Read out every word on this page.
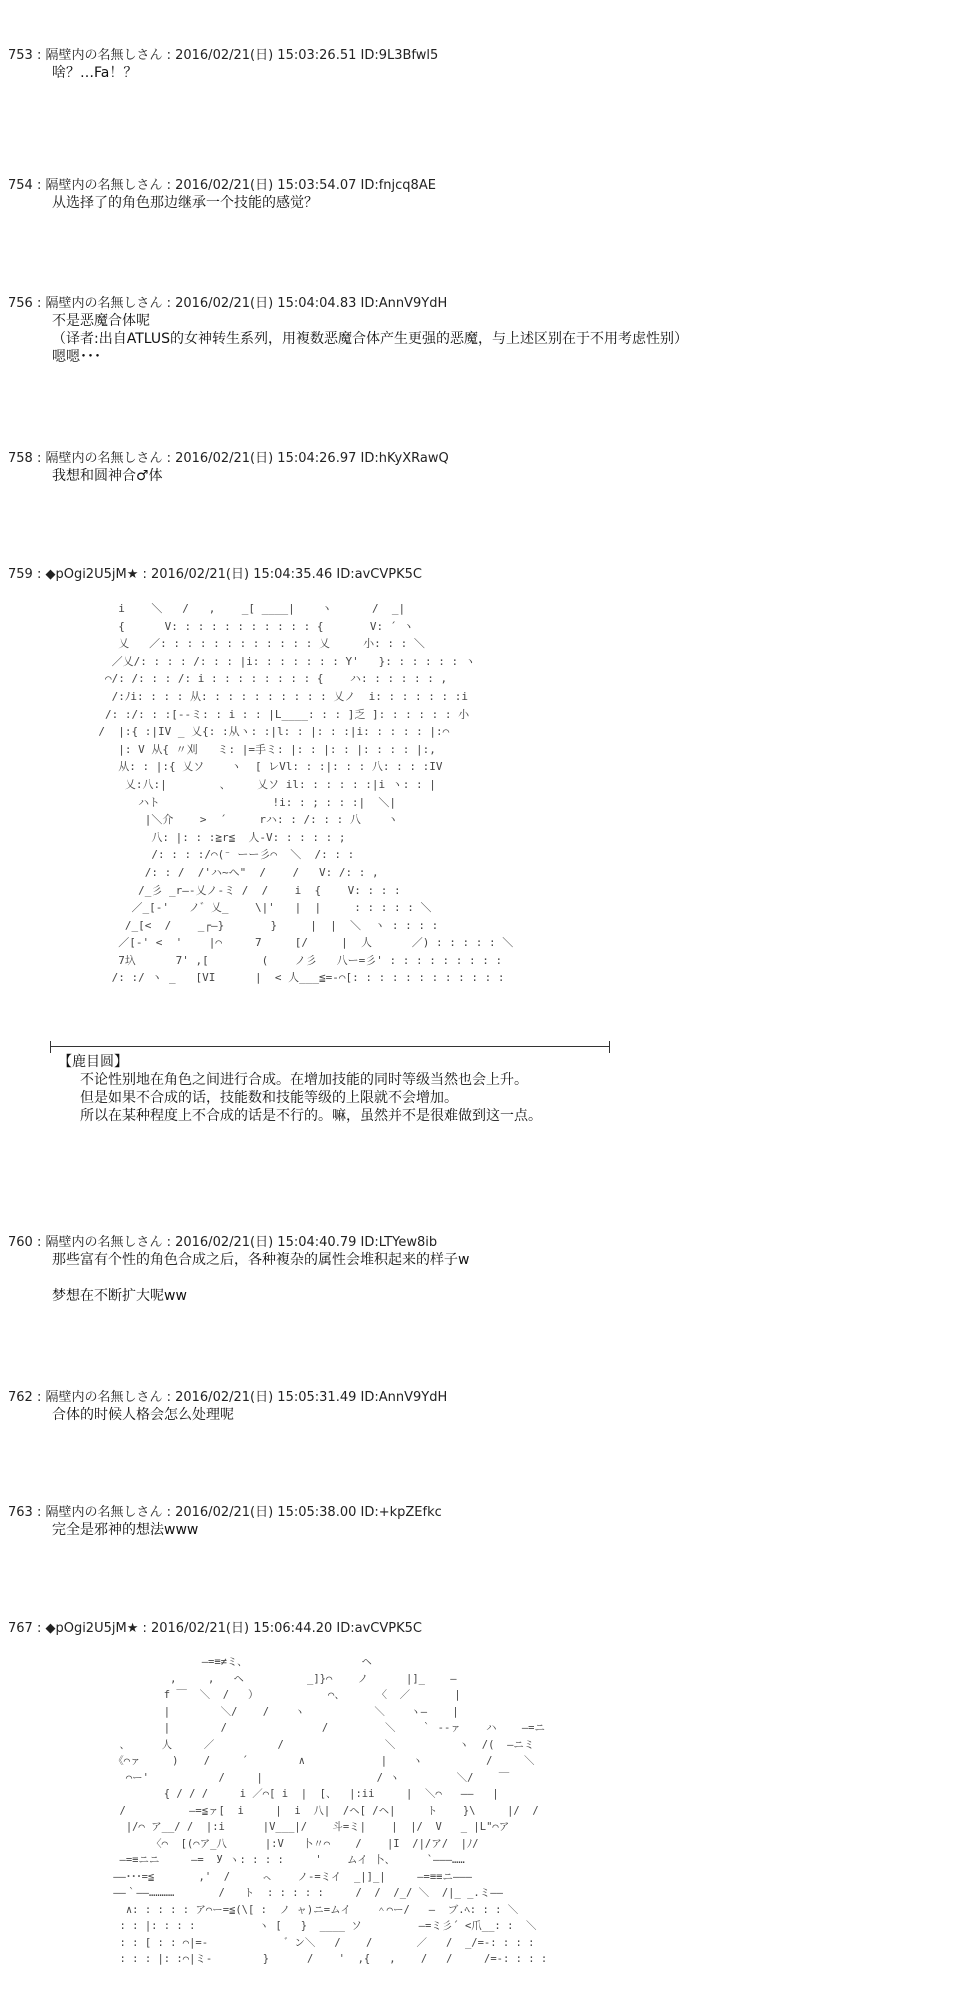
753 : 隔壁内の名無しさん : 2016/02/21(日) 15:03:26.51 ID:9L3Bfwl5
啥？…Fa！？
754 : 隔壁内の名無しさん : 2016/02/21(日) 15:03:54.07 ID:fnjcq8AE
从选择了的角色那边继承一个技能的感觉？
756 : 隔壁内の名無しさん : 2016/02/21(日) 15:04:04.83 ID:AnnV9YdH
不是恶魔合体呢
（译者:出自ATLUS的女神转生系列，用複数恶魔合体产生更强的恶魔，与上述区别在于不用考虑性别）
嗯嗯･･･
758 : 隔壁内の名無しさん : 2016/02/21(日) 15:04:26.97 ID:hKyXRawQ
我想和圆神合♂体
759 : ◆pOgi2U5jM★ : 2016/02/21(日) 15:04:35.46 ID:avCVPK5C
i    ＼   /   ,    _[ ____|    ヽ      /  _|
{      V: : : : : : : : : : : {       V: ´ ヽ
乂   ／: : : : : : : : : : : : 乂     小: : : ＼
／乂/: : : : /: : : |i: : : : : : : Y'   }: : : : : : ヽ
⌒/: /: : : /: i : : : : : : : : {    ハ: : : : : : ,
/:ﾉi: : : : 从: : : : : : : : : : 乂ノ  i: : : : : : :i
/: :/: : :[--ミ: : i : : |L____: : : ]乏 ]: : : : : : 小
/  |:{ :|IV _ 乂{: :从ヽ: :|l: : |: : :|i: : : : : |:⌒
|: V 从{ 〃刈   ミ: |=手ミ: |: : |: : |: : : : |:,
从: : |:{ 乂ソ    ヽ  [ レVl: : :|: : : 八: : : :IV
乂:八:|        、    乂ソ il: : : : : :|i ヽ: : |
ハト                 !i: : ; : : :|  ＼|
|＼介    >  ´     rハ: : /: : : 八    ヽ
八: |: : :≧r≦  人-V: : : : : ;
/: : : :/⌒(⁻ ーー彡⌒  ＼  /: : :
/: : /  /'ハ~ヘ"  /    /   V: /: : ,
/_彡 _r―-乂ノ-ミ /  /    i  {    V: : : :
／_[-'   ノ゛乂_    \|'   |  |     : : : : : ＼
/_[<  /    _┌―}       }     |  |  ＼  ヽ : : : :
／[-' <  '    |⌒     7     [/     |  人      ／) : : : : : ＼
7圦      7' ,[        (    ノ彡   八ー=彡' : : : : : : : : :
/: :/ ヽ _   [VI      |  < 人___≦=-⌒[: : : : : : : : : : : :
【鹿目圆】
不论性别地在角色之间进行合成。在增加技能的同时等级当然也会上升。
但是如果不合成的话，技能数和技能等级的上限就不会增加。
所以在某种程度上不合成的话是不行的。嘛，虽然并不是很难做到这一点。
760 : 隔壁内の名無しさん : 2016/02/21(日) 15:04:40.79 ID:LTYew8ib
那些富有个性的角色合成之后，各种複杂的属性会堆积起来的样子w
梦想在不断扩大呢ww
762 : 隔壁内の名無しさん : 2016/02/21(日) 15:05:31.49 ID:AnnV9YdH
合体的时候人格会怎么处理呢
763 : 隔壁内の名無しさん : 2016/02/21(日) 15:05:38.00 ID:+kpZEfkc
完全是邪神的想法www
767 : ◆pOgi2U5jM★ : 2016/02/21(日) 15:06:44.20 ID:avCVPK5C
―=≡≠ミ、                  ヘ
,     ,   ヘ          _]}⌒    ノ      |]_    ―
f ￣  ＼  /   ）           ⌒、     〈  ／       |
|        ＼/    /    ヽ           ＼    ヽ―    |
|        /               /         ＼    ｀ --ァ    ハ    ―=ニ
、     人     ／          /                ＼          ヽ  /(  ―ニミ
《⌒ァ     )    /     ´        ∧            |    ヽ          /     ＼
⌒ー'           /     |                  / ヽ         ＼/    ￣
{ / / /     i ／⌒[ i  |  [、  |:ii     |  ＼⌒   ――   |
/          ―=≦ァ[  i     |  i  八|  /ヘ[ /ヘ|     ト    }\     |/  /
|/⌒ ア__/ /  |:i      |V___|/    斗=ミ|    |  |/  V   _ |L"⌒ア
〈⌒  [(⌒ア_八      |:V   卜〃⌒    /    |I  /|/ア/  |ﾉ/
―=≡ニニ     ―=  У ヽ: : : :     '    ムイ 卜、     `―――……
――･･･=≦       ,'  /     ㇸ    ノ-=ミイ  _|]_|     ―=≡≡ニ―――
――｀――…………       /   ト  : : : : :     /  /  /_/ ＼  /|_ _.ミ――
∧: : : : : ア⌒ー=≦(\[ :  ノ ャ)ニ=ムイ    ＾⌒ー/   ―  ブ.ﾍ: : : ＼
: : |: : : :          ヽ [   }  ____ ソ         ―=ミ彡´ <爪__: :  ＼
: : [ : : ⌒|=-            ゛ン＼   /    /       ／   /  _/=-: : : :
: : : |: :⌒|ミ-        }      /    '  ,{   ,    /   /     /=-: : : :
